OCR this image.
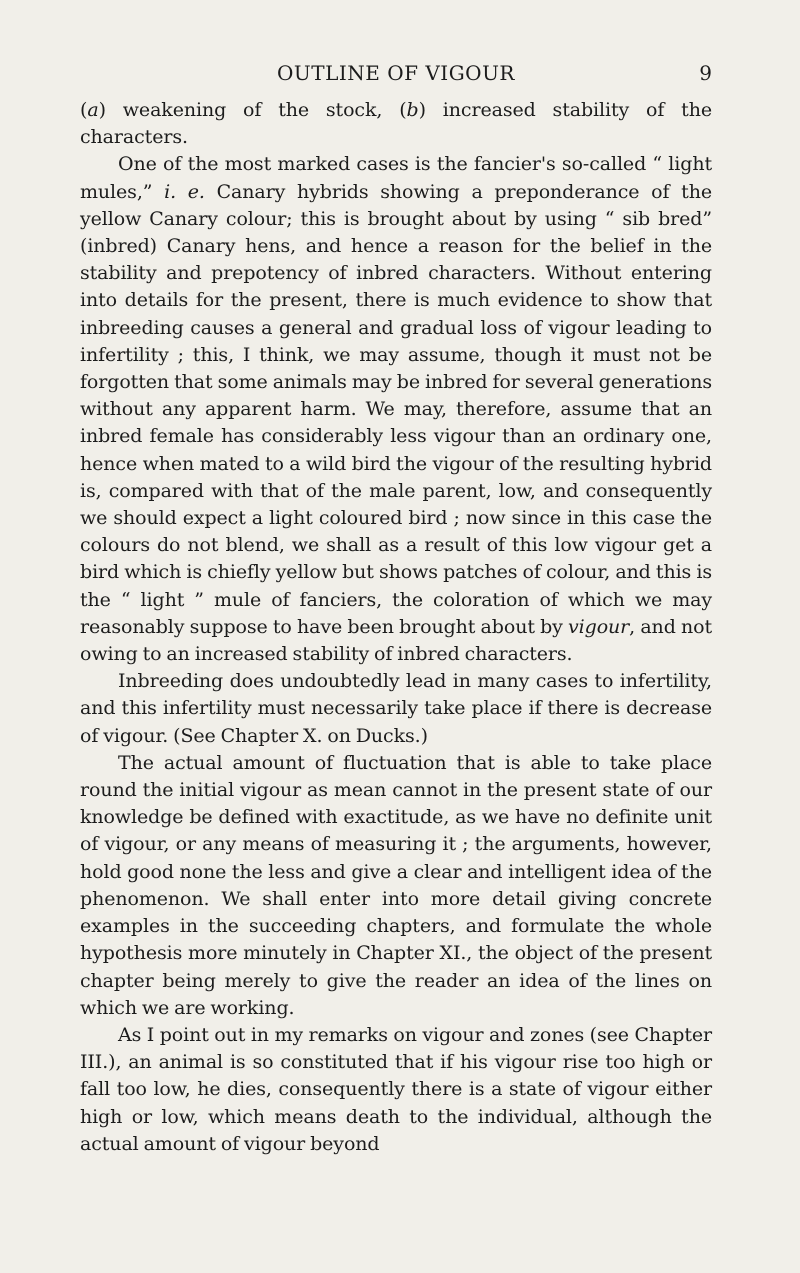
OUTLINE OF VIGOUR	9

(a) weakening of the stock, (b) increased stability of the characters.

One of the most marked cases is the fancier's so-called “ light mules,” i. e. Canary hybrids showing a preponderance of the yellow Canary colour; this is brought about by using “ sib bred” (inbred) Canary hens, and hence a reason for the belief in the stability and prepotency of inbred characters. Without entering into details for the present, there is much evidence to show that inbreeding causes a general and gradual loss of vigour leading to infertility ; this, I think, we may assume, though it must not be forgotten that some animals may be inbred for several generations without any apparent harm. We may, therefore, assume that an inbred female has considerably less vigour than an ordinary one, hence when mated to a wild bird the vigour of the resulting hybrid is, compared with that of the male parent, low, and consequently we should expect a light coloured bird ; now since in this case the colours do not blend, we shall as a result of this low vigour get a bird which is chiefly yellow but shows patches of colour, and this is the “ light ” mule of fanciers, the coloration of which we may reasonably suppose to have been brought about by vigour, and not owing to an increased stability of inbred characters.

Inbreeding does undoubtedly lead in many cases to infertility, and this infertility must necessarily take place if there is decrease of vigour. (See Chapter X. on Ducks.)

The actual amount of fluctuation that is able to take place round the initial vigour as mean cannot in the present state of our knowledge be defined with exactitude, as we have no definite unit of vigour, or any means of measuring it ; the arguments, however, hold good none the less and give a clear and intelligent idea of the phenomenon. We shall enter into more detail giving concrete examples in the succeeding chapters, and formulate the whole hypothesis more minutely in Chapter XI., the object of the present chapter being merely to give the reader an idea of the lines on which we are working.

As I point out in my remarks on vigour and zones (see Chapter III.), an animal is so constituted that if his vigour rise too high or fall too low, he dies, consequently there is a state of vigour either high or low, which means death to the individual, although the actual amount of vigour beyond
